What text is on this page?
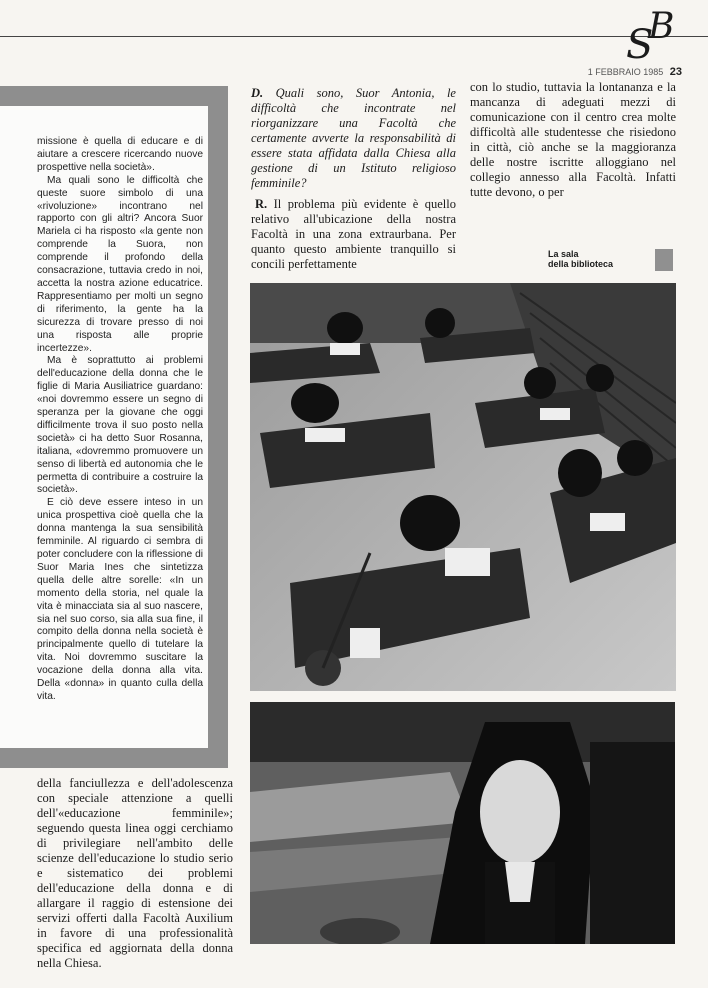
S
B
1 FEBBRAIO 1985 23

missione è quella di educare e di aiutare a crescere ricercando nuove prospettive nella società».

Ma quali sono le difficoltà che queste suore simbolo di una «rivoluzione» incontrano nel rapporto con gli altri? Ancora Suor Mariela ci ha risposto «la gente non comprende la Suora, non comprende il profondo della consacrazione, tuttavia credo in noi, accetta la nostra azione educatrice. Rappresentiamo per molti un segno di riferimento, la gente ha la sicurezza di trovare presso di noi una risposta alle proprie incertezze».

Ma è soprattutto ai problemi dell'educazione della donna che le figlie di Maria Ausiliatrice guardano: «noi dovremmo essere un segno di speranza per la giovane che oggi difficilmente trova il suo posto nella società» ci ha detto Suor Rosanna, italiana, «dovremmo promuovere un senso di libertà ed autonomia che le permetta di contribuire a costruire la società».

E ciò deve essere inteso in un unica prospettiva cioè quella che la donna mantenga la sua sensibilità femminile. Al riguardo ci sembra di poter concludere con la riflessione di Suor Maria Ines che sintetizza quella delle altre sorelle: «In un momento della storia, nel quale la vita è minacciata sia al suo nascere, sia nel suo corso, sia alla sua fine, il compito della donna nella società è principalmente quello di tutelare la vita. Noi dovremmo suscitare la vocazione della donna alla vita. Della «donna» in quanto culla della vita.

D. Quali sono, Suor Antonia, le difficoltà che incontrate nel riorganizzare una Facoltà che certamente avverte la responsabilità di essere stata affidata dalla Chiesa alla gestione di un Istituto religioso femminile?

R. Il problema più evidente è quello relativo all'ubicazione della nostra Facoltà in una zona extraurbana. Per quanto questo ambiente tranquillo si concili perfettamente

con lo studio, tuttavia la lontananza e la mancanza di adeguati mezzi di comunicazione con il centro crea molte difficoltà alle studentesse che risiedono in città, ciò anche se la maggioranza delle nostre iscritte alloggiano nel collegio annesso alla Facoltà. Infatti tutte devono, o per

La sala
della biblioteca

della fanciullezza e dell'adolescenza con speciale attenzione a quelli dell'«educazione femminile»; seguendo questa linea oggi cerchiamo di privilegiare nell'ambito delle scienze dell'educazione lo studio serio e sistematico dei problemi dell'educazione della donna e di allargare il raggio di estensione dei servizi offerti dalla Facoltà Auxilium in favore di una professionalità specifica ed aggiornata della donna nella Chiesa.
